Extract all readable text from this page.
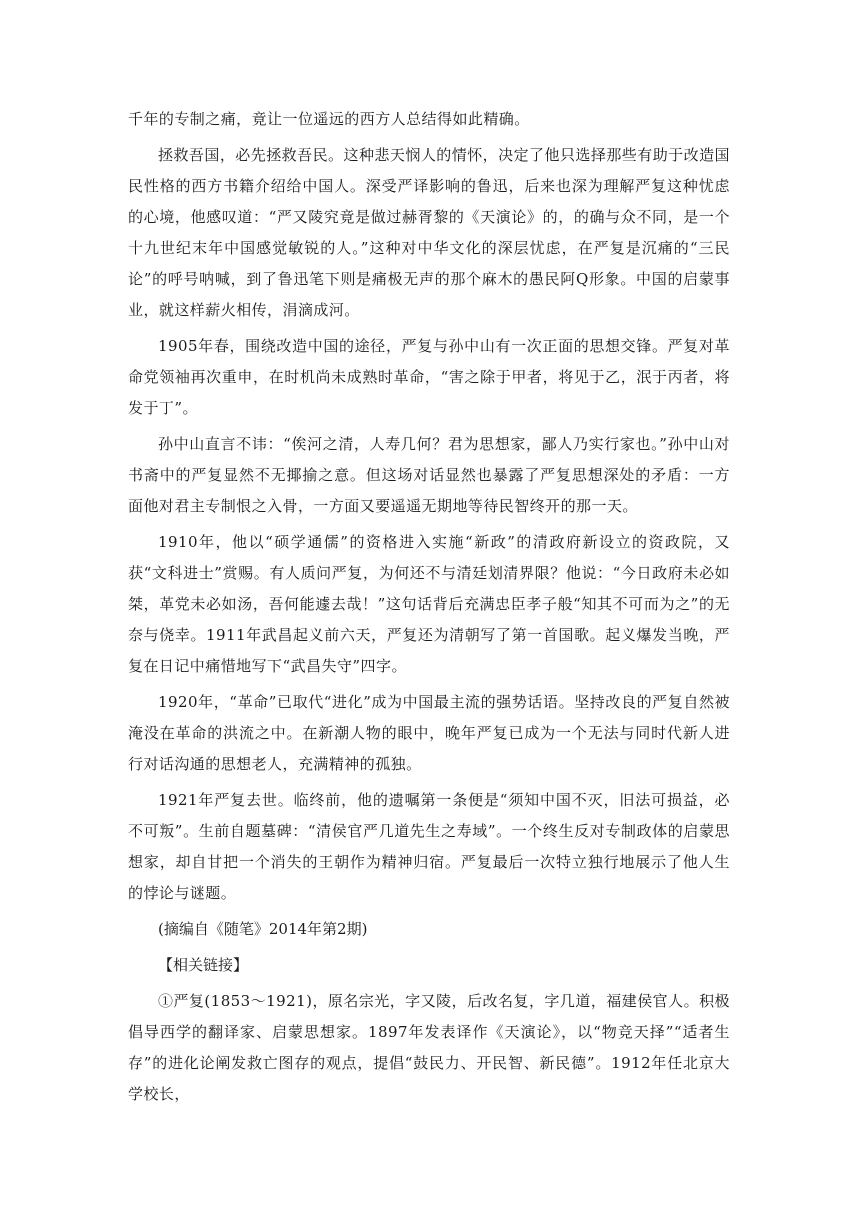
千年的专制之痛，竟让一位遥远的西方人总结得如此精确。

拯救吾国，必先拯救吾民。这种悲天悯人的情怀，决定了他只选择那些有助于改造国民性格的西方书籍介绍给中国人。深受严译影响的鲁迅，后来也深为理解严复这种忧虑的心境，他感叹道：“严又陵究竟是做过赫胥黎的《天演论》的，的确与众不同，是一个十九世纪末年中国感觉敏锐的人。”这种对中华文化的深层忧虑，在严复是沉痛的“三民论”的呼号呐喊，到了鲁迅笔下则是痛极无声的那个麻木的愚民阿Q形象。中国的启蒙事业，就这样薪火相传，涓滴成河。

1905年春，围绕改造中国的途径，严复与孙中山有一次正面的思想交锋。严复对革命党领袖再次重申，在时机尚未成熟时革命，“害之除于甲者，将见于乙，泯于丙者，将发于丁”。

孙中山直言不讳：“俟河之清，人寿几何？君为思想家，鄙人乃实行家也。”孙中山对书斋中的严复显然不无揶揄之意。但这场对话显然也暴露了严复思想深处的矛盾：一方面他对君主专制恨之入骨，一方面又要遥遥无期地等待民智终开的那一天。

1910年，他以“硕学通儒”的资格进入实施“新政”的清政府新设立的资政院，又获“文科进士”赏赐。有人质问严复，为何还不与清廷划清界限？他说：“今日政府未必如桀，革党未必如汤，吾何能遽去哉！”这句话背后充满忠臣孝子般“知其不可而为之”的无奈与侥幸。1911年武昌起义前六天，严复还为清朝写了第一首国歌。起义爆发当晚，严复在日记中痛惜地写下“武昌失守”四字。

1920年，“革命”已取代“进化”成为中国最主流的强势话语。坚持改良的严复自然被淹没在革命的洪流之中。在新潮人物的眼中，晚年严复已成为一个无法与同时代新人进行对话沟通的思想老人，充满精神的孤独。

1921年严复去世。临终前，他的遗嘱第一条便是“须知中国不灭，旧法可损益，必不可叛”。生前自题墓碑：“清侯官严几道先生之寿域”。一个终生反对专制政体的启蒙思想家，却自甘把一个消失的王朝作为精神归宿。严复最后一次特立独行地展示了他人生的悖论与谜题。

(摘编自《随笔》2014年第2期)

【相关链接】

①严复(1853～1921)，原名宗光，字又陵，后改名复，字几道，福建侯官人。积极倡导西学的翻译家、启蒙思想家。1897年发表译作《天演论》，以“物竞天择”“适者生存”的进化论阐发救亡图存的观点，提倡“鼓民力、开民智、新民德”。1912年任北京大学校长，
